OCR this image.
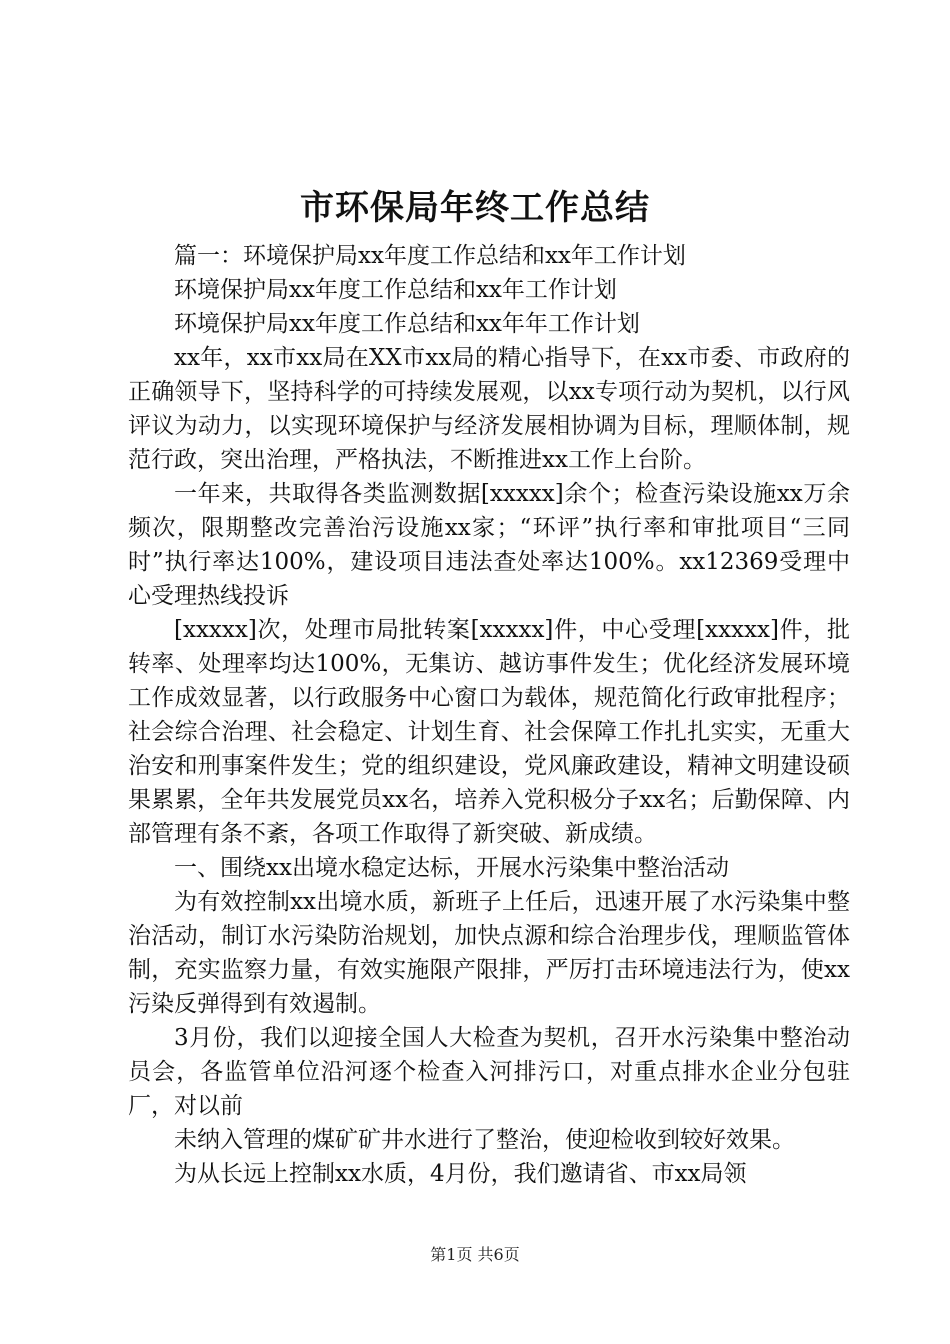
市环保局年终工作总结

篇一：环境保护局xx年度工作总结和xx年工作计划

环境保护局xx年度工作总结和xx年工作计划

环境保护局xx年度工作总结和xx年年工作计划

xx年，xx市xx局在XX市xx局的精心指导下，在xx市委、市政府的正确领导下，坚持科学的可持续发展观，以xx专项行动为契机，以行风评议为动力，以实现环境保护与经济发展相协调为目标，理顺体制，规范行政，突出治理，严格执法，不断推进xx工作上台阶。

一年来，共取得各类监测数据[xxxxx]余个；检查污染设施xx万余频次，限期整改完善治污设施xx家；“环评”执行率和审批项目“三同时”执行率达100%，建设项目违法查处率达100%。xx12369受理中心受理热线投诉

[xxxxx]次，处理市局批转案[xxxxx]件，中心受理[xxxxx]件，批转率、处理率均达100%，无集访、越访事件发生；优化经济发展环境工作成效显著，以行政服务中心窗口为载体，规范简化行政审批程序；社会综合治理、社会稳定、计划生育、社会保障工作扎扎实实，无重大治安和刑事案件发生；党的组织建设，党风廉政建设，精神文明建设硕果累累，全年共发展党员xx名，培养入党积极分子xx名；后勤保障、内部管理有条不紊，各项工作取得了新突破、新成绩。

一、围绕xx出境水稳定达标，开展水污染集中整治活动

为有效控制xx出境水质，新班子上任后，迅速开展了水污染集中整治活动，制订水污染防治规划，加快点源和综合治理步伐，理顺监管体制，充实监察力量，有效实施限产限排，严厉打击环境违法行为，使xx污染反弹得到有效遏制。

3月份，我们以迎接全国人大检查为契机，召开水污染集中整治动员会，各监管单位沿河逐个检查入河排污口，对重点排水企业分包驻厂，对以前

未纳入管理的煤矿矿井水进行了整治，使迎检收到较好效果。

为从长远上控制xx水质，4月份，我们邀请省、市xx局领

第1页 共6页
